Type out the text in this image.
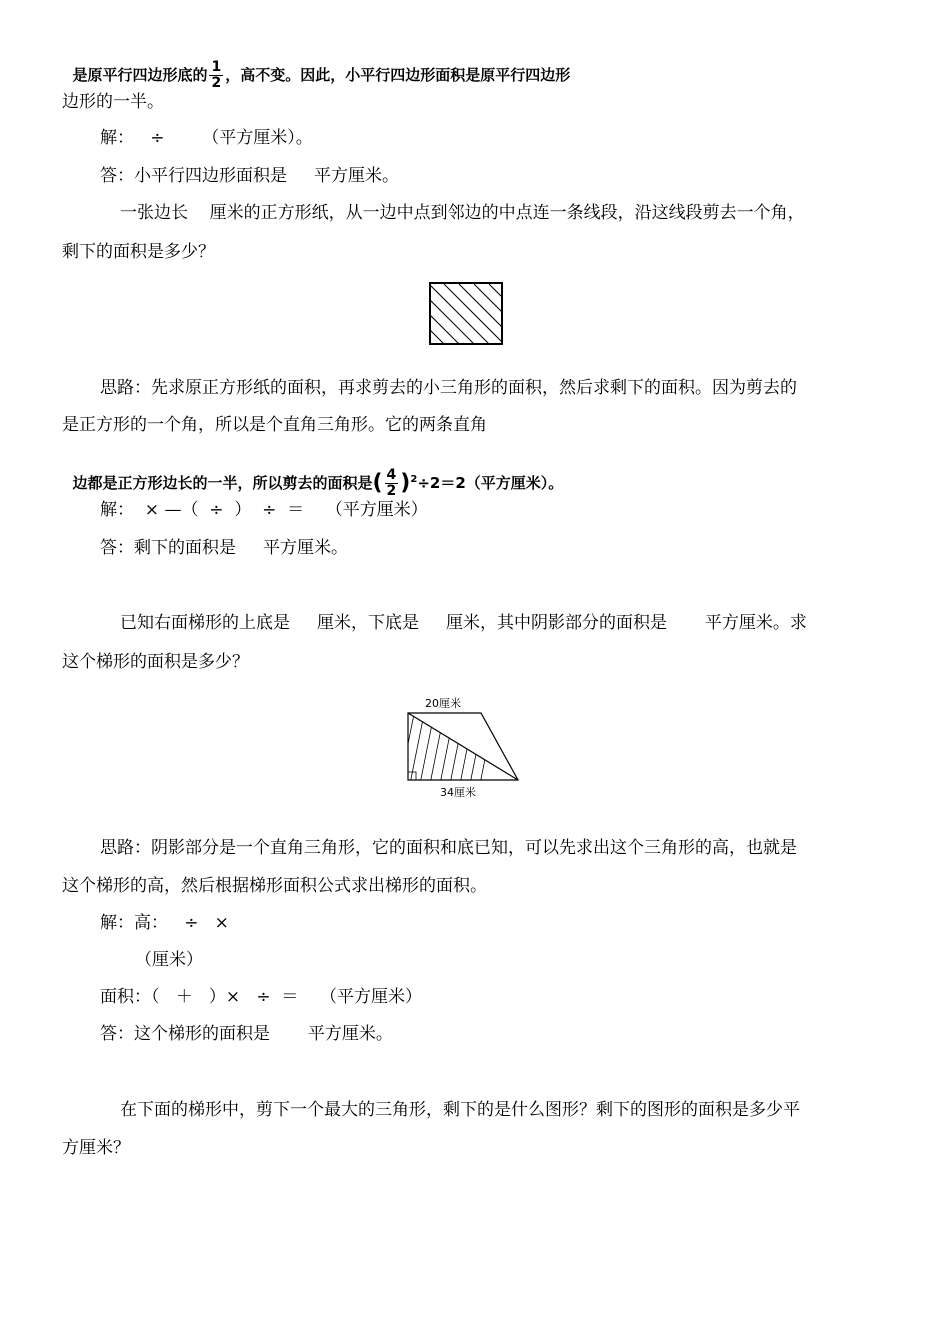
是原平行四边形底的 $\frac{1}{2}$ ，高不变。因此，小平行四边形面积是原平行四边形

边形的一半。
解：   ÷       （平方厘米）。
答：小平行四边形面积是     平方厘米。
一张边长    厘米的正方形纸，从一边中点到邻边的中点连一条线段，沿这线段剪去一个角，
剩下的面积是多少？
思路：先求原正方形纸的面积，再求剪去的小三角形的面积，然后求剩下的面积。因为剪去的
是正方形的一个角，所以是个直角三角形。它的两条直角

边都是正方形边长的一半，所以剪去的面积是( $\frac{4}{2} )^2\div 2=2$（平方厘米）。

解：  × —（  ÷  ）  ÷  ＝    （平方厘米）
答：剩下的面积是     平方厘米。
已知右面梯形的上底是     厘米，下底是     厘米，其中阴影部分的面积是       平方厘米。求
这个梯形的面积是多少？
20厘米
34厘米
思路：阴影部分是一个直角三角形，它的面积和底已知，可以先求出这个三角形的高，也就是
这个梯形的高，然后根据梯形面积公式求出梯形的面积。
解：高：   ÷   ×
（厘米）
面积：（   ＋   ）×   ÷  ＝    （平方厘米）
答：这个梯形的面积是       平方厘米。
在下面的梯形中，剪下一个最大的三角形，剩下的是什么图形？剩下的图形的面积是多少平
方厘米？
